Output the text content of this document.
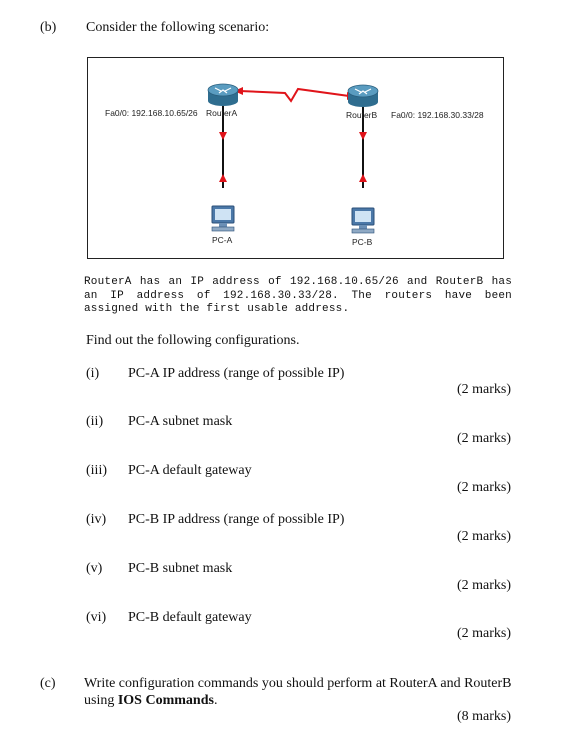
(b) Consider the following scenario:
Fa0/0: 192.168.10.65/26 RouterA	RouterB Fa0/0: 192.168.30.33/28
PC-A	PC-B
RouterA has an IP address of 192.168.10.65/26 and RouterB has
an IP address of 192.168.30.33/28. The routers have been
assigned with the first usable address.
Find out the following configurations.
(i) PC-A IP address (range of possible IP)
(2 marks)
(ii) PC-A subnet mask
(2 marks)
(iii) PC-A default gateway
(2 marks)
(iv) PC-B IP address (range of possible IP)
(2 marks)
(v) PC-B subnet mask
(2 marks)
(vi) PC-B default gateway
(2 marks)
(c) Write configuration commands you should perform at RouterA and RouterB
using IOS Commands.
(8 marks)
